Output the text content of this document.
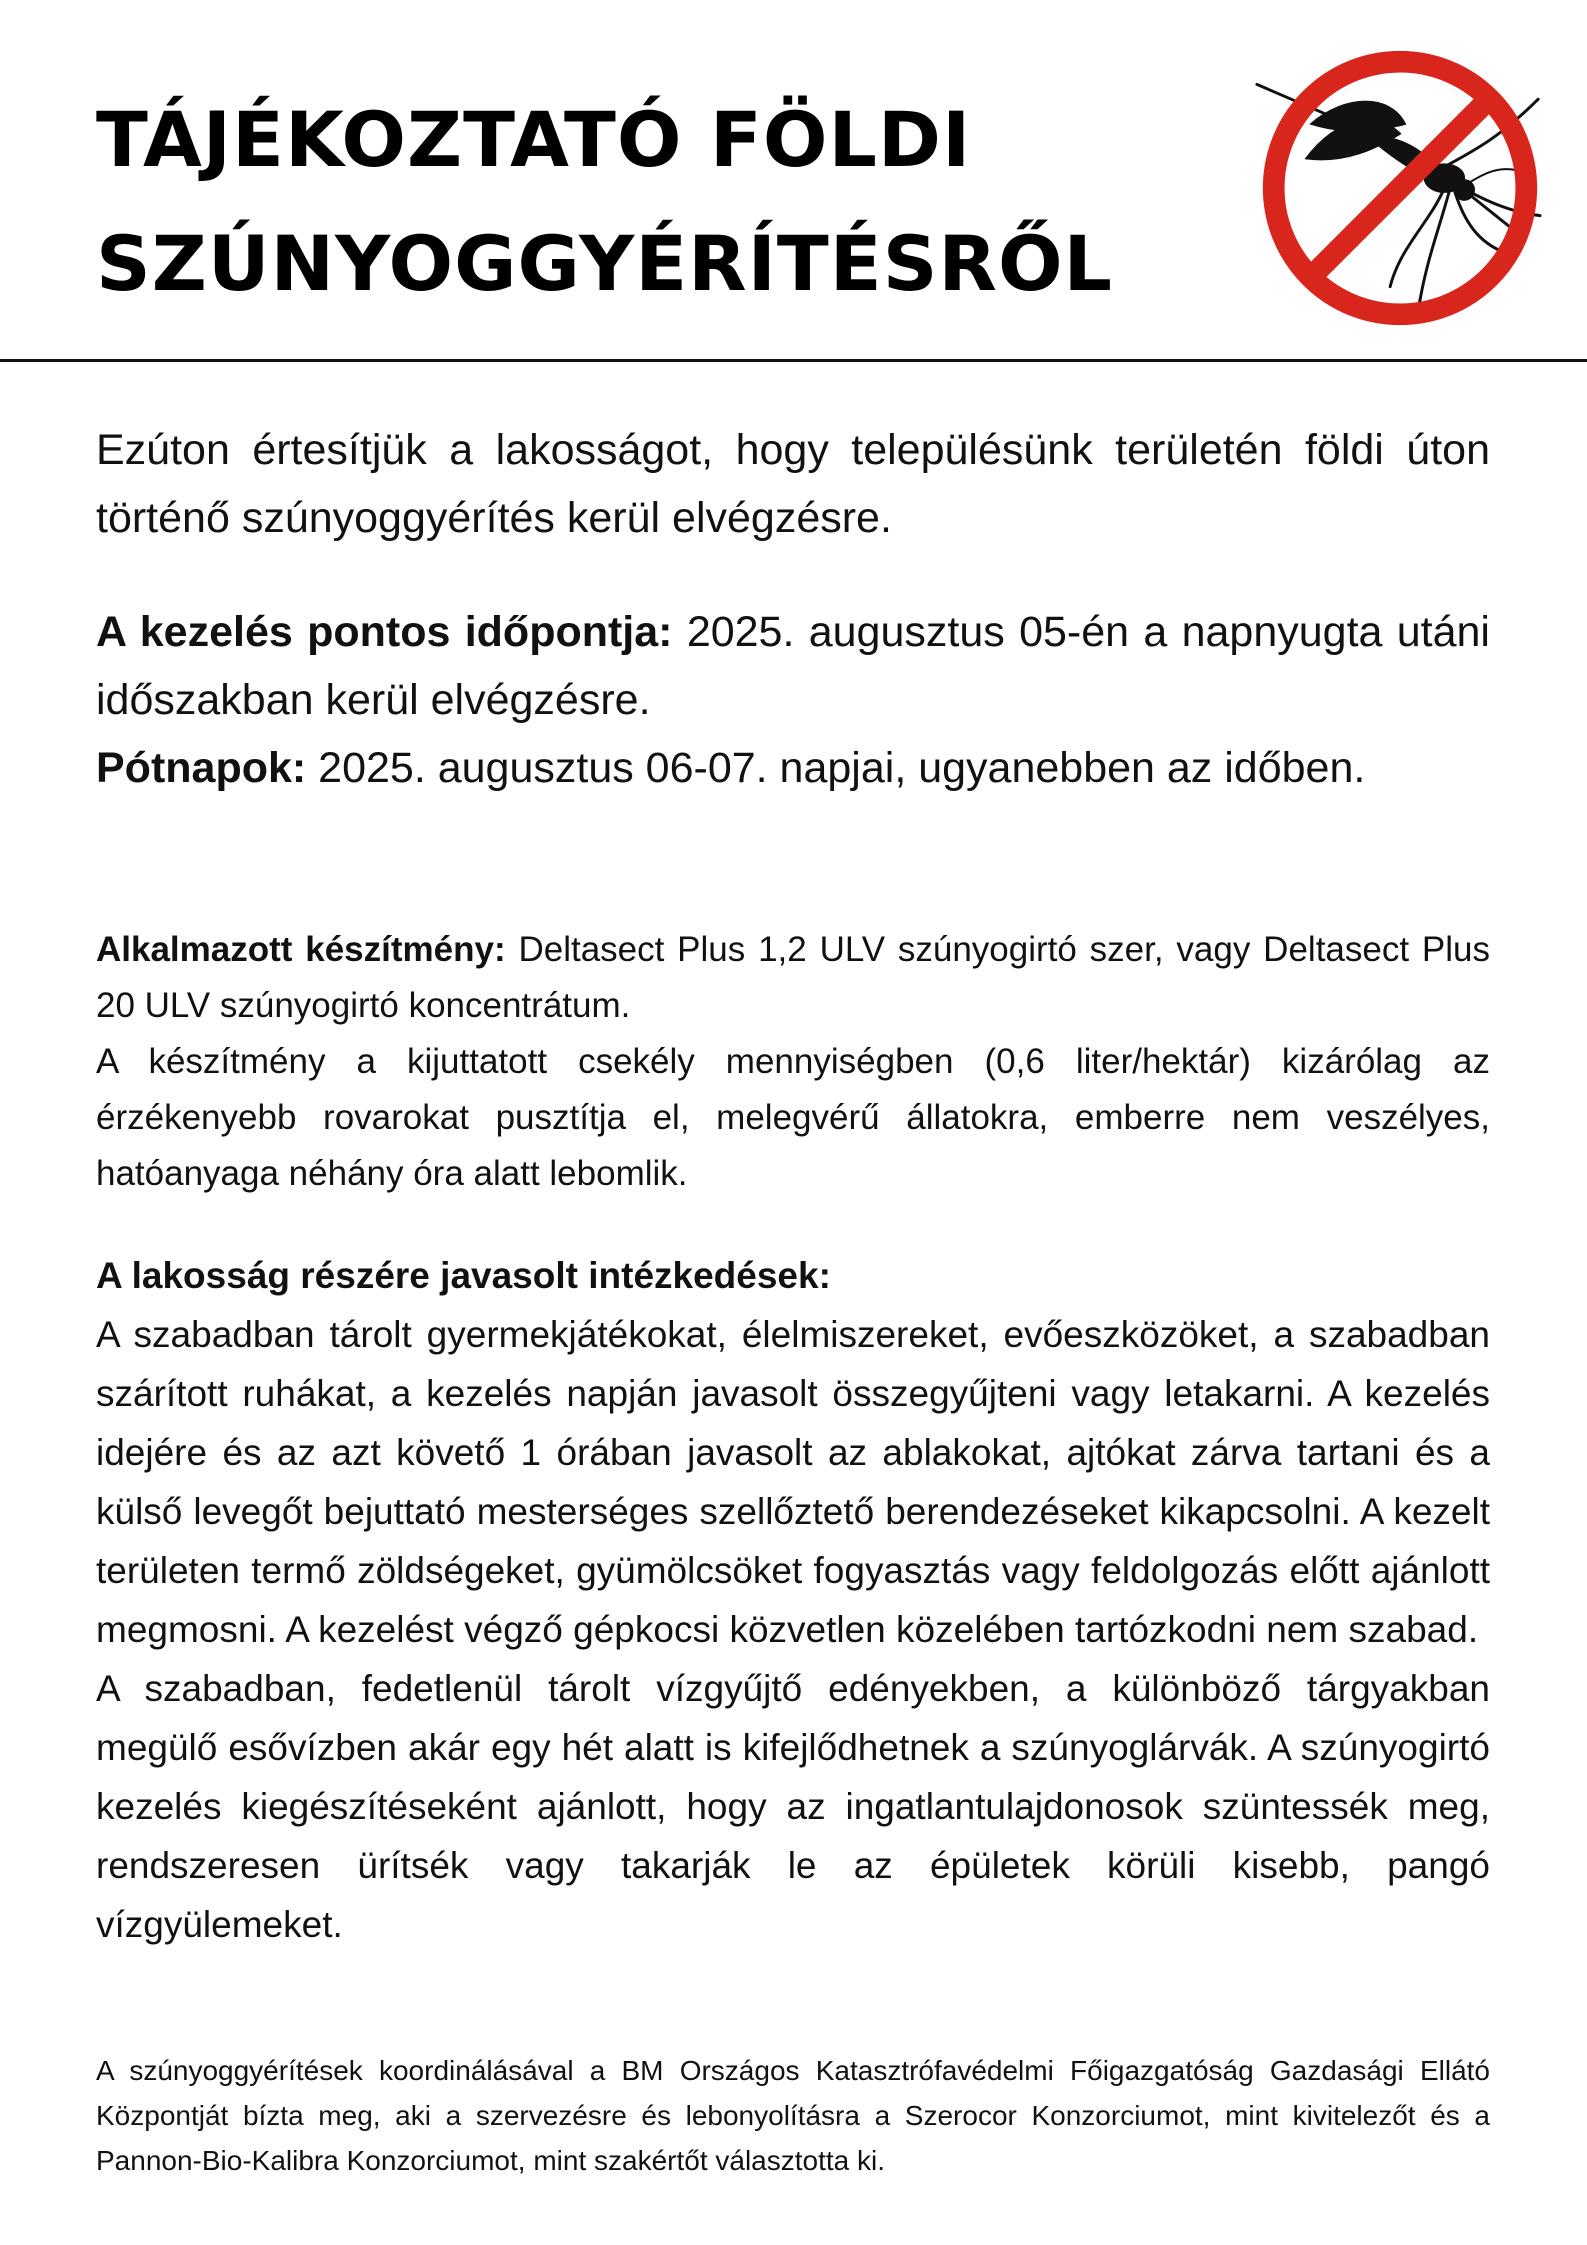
TÁJÉKOZTATÓ FÖLDI
SZÚNYOGGYÉRÍTÉSRŐL

Ezúton értesítjük a lakosságot, hogy településünk területén földi úton történő szúnyoggyérítés kerül elvégzésre.

A kezelés pontos időpontja: 2025. augusztus 05-én a napnyugta utáni időszakban kerül elvégzésre.

Pótnapok: 2025. augusztus 06-07. napjai, ugyanebben az időben.

Alkalmazott készítmény: Deltasect Plus 1,2 ULV szúnyogirtó szer, vagy Deltasect Plus 20 ULV szúnyogirtó koncentrátum.

A készítmény a kijuttatott csekély mennyiségben (0,6 liter/hektár) kizárólag az érzékenyebb rovarokat pusztítja el, melegvérű állatokra, emberre nem veszélyes, hatóanyaga néhány óra alatt lebomlik.

A lakosság részére javasolt intézkedések:

A szabadban tárolt gyermekjátékokat, élelmiszereket, evőeszközöket, a szabadban szárított ruhákat, a kezelés napján javasolt összegyűjteni vagy letakarni. A kezelés idejére és az azt követő 1 órában javasolt az ablakokat, ajtókat zárva tartani és a külső levegőt bejuttató mesterséges szellőztető berendezéseket kikapcsolni. A kezelt területen termő zöldségeket, gyümölcsöket fogyasztás vagy feldolgozás előtt ajánlott megmosni. A kezelést végző gépkocsi közvetlen közelében tartózkodni nem szabad.

A szabadban, fedetlenül tárolt vízgyűjtő edényekben, a különböző tárgyakban megülő esővízben akár egy hét alatt is kifejlődhetnek a szúnyoglárvák. A szúnyogirtó kezelés kiegészítéseként ajánlott, hogy az ingatlantulajdonosok szüntessék meg, rendszeresen ürítsék vagy takarják le az épületek körüli kisebb, pangó vízgyülemeket.

A szúnyoggyérítések koordinálásával a BM Országos Katasztrófavédelmi Főigazgatóság Gazdasági Ellátó Központját bízta meg, aki a szervezésre és lebonyolításra a Szerocor Konzorciumot, mint kivitelezőt és a Pannon-Bio-Kalibra Konzorciumot, mint szakértőt választotta ki.
